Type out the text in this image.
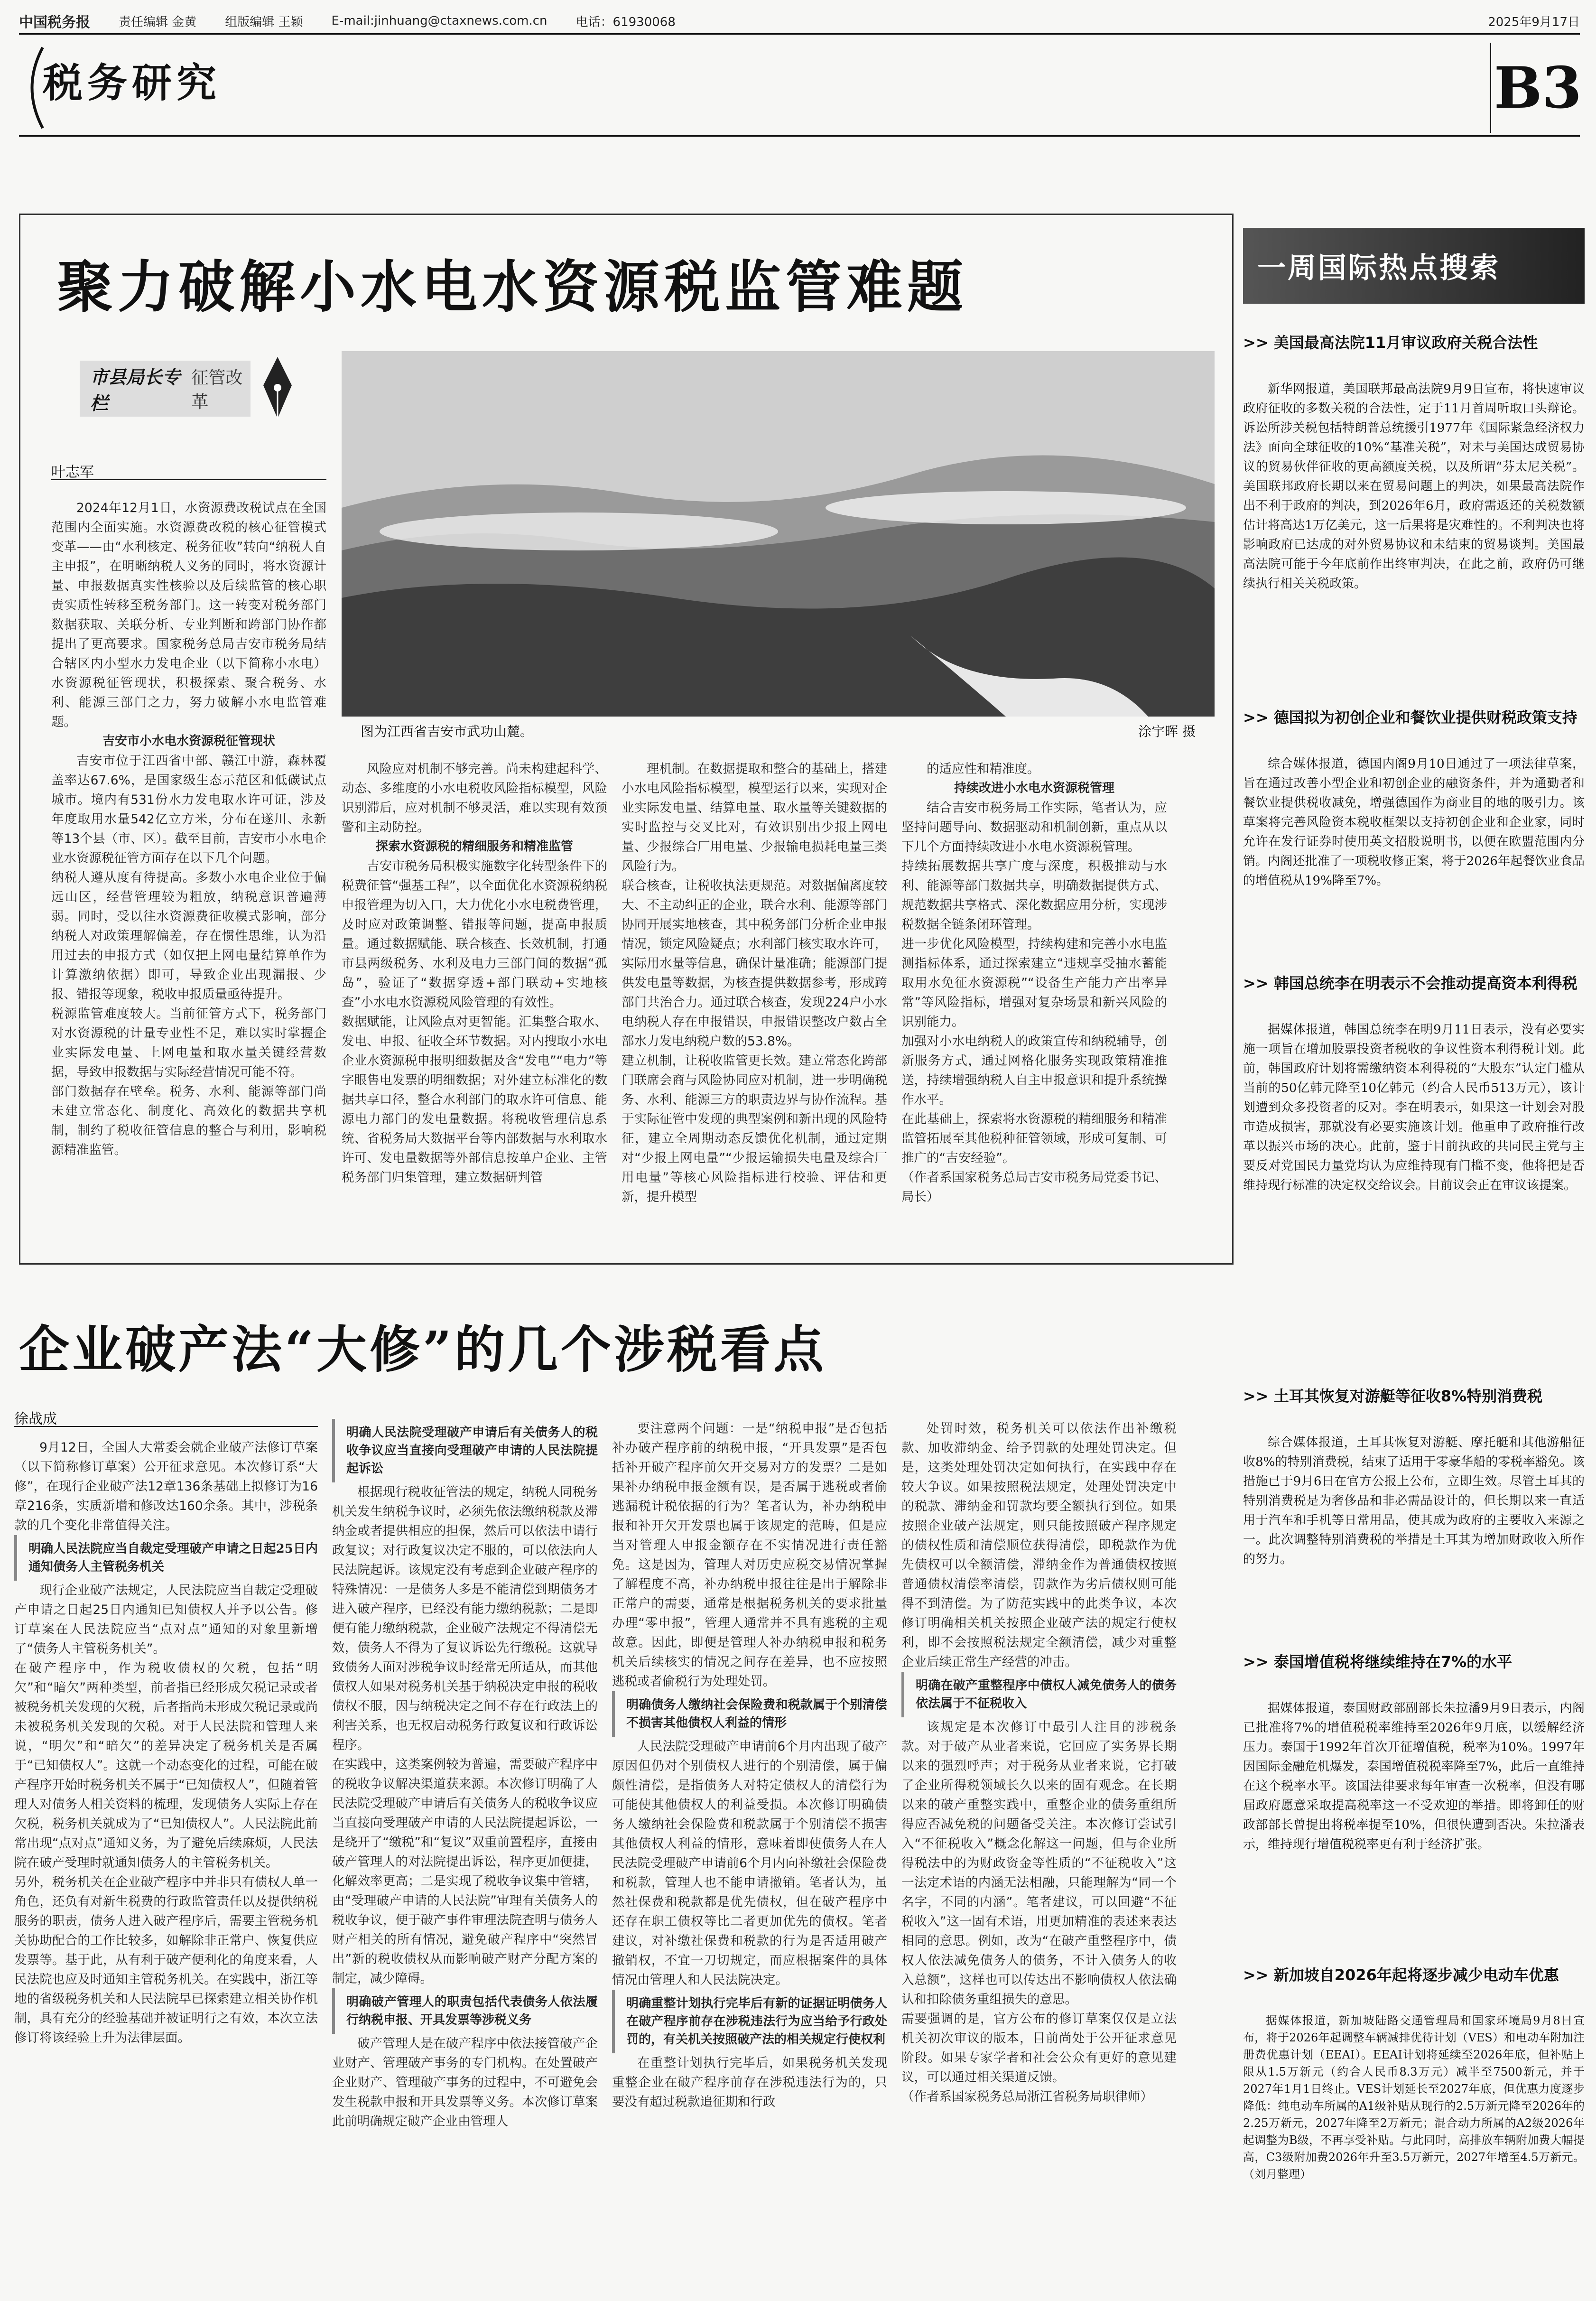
中国税务报 责任编辑 金黄 组版编辑 王颖 E-mail:jinhuang@ctaxnews.com.cn 电话：61930068	2025年9月17日
税务研究	B3
聚力破解小水电水资源税监管难题
市县局长专栏
征管改革
叶志军
图为江西省吉安市武功山麓。	涂宇晖 摄

2024年12月1日，水资源费改税试点在全国范围内全面实施。水资源费改税的核心征管模式变革——由“水利核定、税务征收”转向“纳税人自主申报”，在明晰纳税人义务的同时，将水资源计量、申报数据真实性核验以及后续监管的核心职责实质性转移至税务部门。这一转变对税务部门数据获取、关联分析、专业判断和跨部门协作都提出了更高要求。国家税务总局吉安市税务局结合辖区内小型水力发电企业（以下简称小水电）水资源税征管现状，积极探索、聚合税务、水利、能源三部门之力，努力破解小水电监管难题。

吉安市小水电水资源税征管现状

吉安市位于江西省中部、赣江中游，森林覆盖率达67.6%，是国家级生态示范区和低碳试点城市。境内有531份水力发电取水许可证，涉及年度取用水量542亿立方米，分布在遂川、永新等13个县（市、区）。截至目前，吉安市小水电企业水资源税征管方面存在以下几个问题。
纳税人遵从度有待提高。多数小水电企业位于偏远山区，经营管理较为粗放，纳税意识普遍薄弱。同时，受以往水资源费征收模式影响，部分纳税人对政策理解偏差，存在惯性思维，认为沿用过去的申报方式（如仅把上网电量结算单作为计算激纳依据）即可，导致企业出现漏报、少报、错报等现象，税收申报质量亟待提升。
税源监管难度较大。当前征管方式下，税务部门对水资源税的计量专业性不足，难以实时掌握企业实际发电量、上网电量和取水量关键经营数据，导致申报数据与实际经营情况可能不符。
部门数据存在壁垒。税务、水利、能源等部门尚未建立常态化、制度化、高效化的数据共享机制，制约了税收征管信息的整合与利用，影响税源精准监管。

风险应对机制不够完善。尚未构建起科学、动态、多维度的小水电税收风险指标模型，风险识别滞后，应对机制不够灵活，难以实现有效预警和主动防控。

探索水资源税的精细服务和精准监管

吉安市税务局积极实施数字化转型条件下的税费征管“强基工程”，以全面优化水资源税纳税申报管理为切入口，大力优化小水电税费管理，及时应对政策调整、错报等问题，提高申报质量。通过数据赋能、联合核查、长效机制，打通市县两级税务、水利及电力三部门间的数据“孤岛”，验证了“数据穿透+部门联动+实地核查”小水电水资源税风险管理的有效性。
数据赋能，让风险点对更智能。汇集整合取水、发电、申报、征收全环节数据。对内搜取小水电企业水资源税申报明细数据及含“发电”“电力”等字眼售电发票的明细数据；对外建立标准化的数据共享口径，整合水利部门的取水许可信息、能源电力部门的发电量数据。将税收管理信息系统、省税务局大数据平台等内部数据与水利取水许可、发电量数据等外部信息按单户企业、主管税务部门归集管理，建立数据研判管

理机制。在数据提取和整合的基础上，搭建小水电风险指标模型，模型运行以来，实现对企业实际发电量、结算电量、取水量等关键数据的实时监控与交叉比对，有效识别出少报上网电量、少报综合厂用电量、少报输电损耗电量三类风险行为。
联合核查，让税收执法更规范。对数据偏离度较大、不主动纠正的企业，联合水利、能源等部门协同开展实地核查，其中税务部门分析企业申报情况，锁定风险疑点；水利部门核实取水许可，实际用水量等信息，确保计量准确；能源部门提供发电量等数据，为核查提供数据参考，形成跨部门共治合力。通过联合核查，发现224户小水电纳税人存在申报错误，申报错误整改户数占全部水力发电纳税户数的53.8%。
建立机制，让税收监管更长效。建立常态化跨部门联席会商与风险协同应对机制，进一步明确税务、水利、能源三方的职责边界与协作流程。基于实际征管中发现的典型案例和新出现的风险特征，建立全周期动态反馈优化机制，通过定期对“少报上网电量”“少报运输损失电量及综合厂用电量”等核心风险指标进行校验、评估和更新，提升模型

的适应性和精准度。

持续改进小水电水资源税管理

结合吉安市税务局工作实际，笔者认为，应坚持问题导向、数据驱动和机制创新，重点从以下几个方面持续改进小水电水资源税管理。
持续拓展数据共享广度与深度，积极推动与水利、能源等部门数据共享，明确数据提供方式、规范数据共享格式、深化数据应用分析，实现涉税数据全链条闭环管理。
进一步优化风险模型，持续构建和完善小水电监测指标体系，通过探索建立“违规享受抽水蓄能取用水免征水资源税”“设备生产能力产出率异常”等风险指标，增强对复杂场景和新兴风险的识别能力。
加强对小水电纳税人的政策宣传和纳税辅导，创新服务方式，通过网格化服务实现政策精准推送，持续增强纳税人自主申报意识和提升系统操作水平。
在此基础上，探索将水资源税的精细服务和精准监管拓展至其他税种征管领域，形成可复制、可推广的“吉安经验”。
（作者系国家税务总局吉安市税务局党委书记、局长）

企业破产法“大修”的几个涉税看点
徐战成

9月12日，全国人大常委会就企业破产法修订草案（以下简称修订草案）公开征求意见。本次修订系“大修”，在现行企业破产法12章136条基础上拟修订为16章216条，实质新增和修改达160余条。其中，涉税条款的几个变化非常值得关注。

明确人民法院应当自裁定受理破产申请之日起25日内通知债务人主管税务机关

现行企业破产法规定，人民法院应当自裁定受理破产申请之日起25日内通知已知债权人并予以公告。修订草案在人民法院应当“点对点”通知的对象里新增了“债务人主管税务机关”。
在破产程序中，作为税收债权的欠税，包括“明欠”和“暗欠”两种类型，前者指已经形成欠税记录或者被税务机关发现的欠税，后者指尚未形成欠税记录或尚未被税务机关发现的欠税。对于人民法院和管理人来说，“明欠”和“暗欠”的差异决定了税务机关是否属于“已知债权人”。这就一个动态变化的过程，可能在破产程序开始时税务机关不属于“已知债权人”，但随着管理人对债务人相关资料的梳理，发现债务人实际上存在欠税，税务机关就成为了“已知债权人”。人民法院此前常出现“点对点”通知义务，为了避免后续麻烦，人民法院在破产受理时就通知债务人的主管税务机关。
另外，税务机关在企业破产程序中并非只有债权人单一角色，还负有对新生税费的行政监管责任以及提供纳税服务的职责，债务人进入破产程序后，需要主管税务机关协助配合的工作比较多，如解除非正常户、恢复供应发票等。基于此，从有利于破产便利化的角度来看，人民法院也应及时通知主管税务机关。在实践中，浙江等地的省级税务机关和人民法院早已探索建立相关协作机制，具有充分的经验基础并被证明行之有效，本次立法修订将该经验上升为法律层面。

明确人民法院受理破产申请后有关债务人的税收争议应当直接向受理破产申请的人民法院提起诉讼

根据现行税收征管法的规定，纳税人同税务机关发生纳税争议时，必须先依法缴纳税款及滞纳金或者提供相应的担保，然后可以依法申请行政复议；对行政复议决定不服的，可以依法向人民法院起诉。该规定没有考虑到企业破产程序的特殊情况：一是债务人多是不能清偿到期债务才进入破产程序，已经没有能力缴纳税款；二是即便有能力缴纳税款，企业破产法规定不得清偿无效，债务人不得为了复议诉讼先行缴税。这就导致债务人面对涉税争议时经常无所适从，而其他债权人如果对税务机关基于纳税决定申报的税收债权不服，因与纳税决定之间不存在行政法上的利害关系，也无权启动税务行政复议和行政诉讼程序。
在实践中，这类案例较为普遍，需要破产程序中的税收争议解决渠道获来源。本次修订明确了人民法院受理破产申请后有关债务人的税收争议应当直接向受理破产申请的人民法院提起诉讼，一是绕开了“缴税”和“复议”双重前置程序，直接由破产管理人的对法院提出诉讼，程序更加便捷，化解效率更高；二是实现了税收争议集中管辖，由“受理破产申请的人民法院”审理有关债务人的税收争议，便于破产事件审理法院查明与债务人财产相关的所有情况，避免破产程序中“突然冒出”新的税收债权从而影响破产财产分配方案的制定，减少障碍。

明确破产管理人的职责包括代表债务人依法履行纳税申报、开具发票等涉税义务

破产管理人是在破产程序中依法接管破产企业财产、管理破产事务的专门机构。在处置破产企业财产、管理破产事务的过程中，不可避免会发生税款申报和开具发票等义务。本次修订草案此前明确规定破产企业由管理人

要注意两个问题：一是“纳税申报”是否包括补办破产程序前的纳税申报，“开具发票”是否包括补开破产程序前欠开交易对方的发票？二是如果补办纳税申报金额有误，是否属于逃税或者偷逃漏税计税依据的行为？笔者认为，补办纳税申报和补开欠开发票也属于该规定的范畴，但是应当对管理人申报金额存在不实情况进行责任豁免。这是因为，管理人对历史应税交易情况掌握了解程度不高，补办纳税申报往往是出于解除非正常户的需要，通常是根据税务机关的要求批量办理“零申报”，管理人通常并不具有逃税的主观故意。因此，即便是管理人补办纳税申报和税务机关后续核实的情况之间存在差异，也不应按照逃税或者偷税行为处理处罚。

明确债务人缴纳社会保险费和税款属于个别清偿不损害其他债权人利益的情形

人民法院受理破产申请前6个月内出现了破产原因但仍对个别债权人进行的个别清偿，属于偏颇性清偿，是指债务人对特定债权人的清偿行为可能使其他债权人的利益受损。本次修订明确债务人缴纳社会保险费和税款属于个别清偿不损害其他债权人利益的情形，意味着即使债务人在人民法院受理破产申请前6个月内向补缴社会保险费和税款，管理人也不能申请撤销。笔者认为，虽然社保费和税款都是优先债权，但在破产程序中还存在职工债权等比二者更加优先的债权。笔者建议，对补缴社保费和税款的行为是否适用破产撤销权，不宜一刀切规定，而应根据案件的具体情况由管理人和人民法院决定。

明确重整计划执行完毕后有新的证据证明债务人在破产程序前存在涉税违法行为应当给予行政处罚的，有关机关按照破产法的相关规定行使权利

在重整计划执行完毕后，如果税务机关发现重整企业在破产程序前存在涉税违法行为的，只要没有超过税款追征期和行政

处罚时效，税务机关可以依法作出补缴税款、加收滞纳金、给予罚款的处理处罚决定。但是，这类处理处罚决定如何执行，在实践中存在较大争议。如果按照税法规定，处理处罚决定中的税款、滞纳金和罚款均要全额执行到位。如果按照企业破产法规定，则只能按照破产程序规定的债权性质和清偿顺位获得清偿，即税款作为优先债权可以全额清偿，滞纳金作为普通债权按照普通债权清偿率清偿，罚款作为劣后债权则可能得不到清偿。为了防范实践中的此类争议，本次修订明确相关机关按照企业破产法的规定行使权利，即不会按照税法规定全额清偿，减少对重整企业后续正常生产经营的冲击。

明确在破产重整程序中债权人减免债务人的债务依法属于不征税收入

该规定是本次修订中最引人注目的涉税条款。对于破产从业者来说，它回应了实务界长期以来的强烈呼声；对于税务从业者来说，它打破了企业所得税领域长久以来的固有观念。在长期以来的破产重整实践中，重整企业的债务重组所得应否减免税的问题备受关注。本次修订尝试引入“不征税收入”概念化解这一问题，但与企业所得税法中的为财政资金等性质的“不征税收入”这一法定术语的内涵无法相融，只能理解为“同一个名字，不同的内涵”。笔者建议，可以回避“不征税收入”这一固有术语，用更加精准的表述来表达相同的意思。例如，改为“在破产重整程序中，债权人依法减免债务人的债务，不计入债务人的收入总额”，这样也可以传达出不影响债权人依法确认和扣除债务重组损失的意思。
需要强调的是，官方公布的修订草案仅仅是立法机关初次审议的版本，目前尚处于公开征求意见阶段。如果专家学者和社会公众有更好的意见建议，可以通过相关渠道反馈。
（作者系国家税务总局浙江省税务局职律师）

一周国际热点搜索
>> 美国最高法院11月审议政府关税合法性
新华网报道，美国联邦最高法院9月9日宣布，将快速审议政府征收的多数关税的合法性，定于11月首周听取口头辩论。诉讼所涉关税包括特朗普总统援引1977年《国际紧急经济权力法》面向全球征收的10%“基准关税”，对未与美国达成贸易协议的贸易伙伴征收的更高额度关税，以及所谓“芬太尼关税”。美国联邦政府长期以来在贸易问题上的判决，如果最高法院作出不利于政府的判决，到2026年6月，政府需返还的关税数额估计将高达1万亿美元，这一后果将是灾难性的。不利判决也将影响政府已达成的对外贸易协议和未结束的贸易谈判。美国最高法院可能于今年底前作出终审判决，在此之前，政府仍可继续执行相关关税政策。
>> 德国拟为初创企业和餐饮业提供财税政策支持
综合媒体报道，德国内阁9月10日通过了一项法律草案，旨在通过改善小型企业和初创企业的融资条件，并为通勤者和餐饮业提供税收减免，增强德国作为商业目的地的吸引力。该草案将完善风险资本税收框架以支持初创企业和企业家，同时允许在发行证券时使用英文招股说明书，以便在欧盟范围内分销。内阁还批准了一项税收修正案，将于2026年起餐饮业食品的增值税从19%降至7%。
>> 韩国总统李在明表示不会推动提高资本利得税
据媒体报道，韩国总统李在明9月11日表示，没有必要实施一项旨在增加股票投资者税收的争议性资本利得税计划。此前，韩国政府计划将需缴纳资本利得税的“大股东”认定门槛从当前的50亿韩元降至10亿韩元（约合人民币513万元），该计划遭到众多投资者的反对。李在明表示，如果这一计划会对股市造成损害，那就没有必要实施该计划。他重申了政府推行改革以振兴市场的决心。此前，鉴于目前执政的共同民主党与主要反对党国民力量党均认为应维持现有门槛不变，他将把是否维持现行标准的决定权交给议会。目前议会正在审议该提案。
>> 土耳其恢复对游艇等征收8%特别消费税
综合媒体报道，土耳其恢复对游艇、摩托艇和其他游船征收8%的特别消费税，结束了适用于零豪华船的零税率豁免。该措施已于9月6日在官方公报上公布，立即生效。尽管土耳其的特别消费税是为奢侈品和非必需品设计的，但长期以来一直适用于汽车和手机等日常用品，使其成为政府的主要收入来源之一。此次调整特别消费税的举措是土耳其为增加财政收入所作的努力。
>> 泰国增值税将继续维持在7%的水平
据媒体报道，泰国财政部副部长朱拉潘9月9日表示，内阁已批准将7%的增值税税率维持至2026年9月底，以缓解经济压力。泰国于1992年首次开征增值税，税率为10%。1997年因国际金融危机爆发，泰国增值税税率降至7%，此后一直维持在这个税率水平。该国法律要求每年审查一次税率，但没有哪届政府愿意采取提高税率这一不受欢迎的举措。即将卸任的财政部部长曾提出将税率提至10%，但很快遭到否决。朱拉潘表示，维持现行增值税税率更有利于经济扩张。
>> 新加坡自2026年起将逐步减少电动车优惠
据媒体报道，新加坡陆路交通管理局和国家环境局9月8日宣布，将于2026年起调整车辆减排优待计划（VES）和电动车附加注册费优惠计划（EEAI）。EEAI计划将延续至2026年底，但补贴上限从1.5万新元（约合人民币8.3万元）减半至7500新元，并于2027年1月1日终止。VES计划延长至2027年底，但优惠力度逐步降低：纯电动车所属的A1级补贴从现行的2.5万新元降至2026年的2.25万新元，2027年降至2万新元；混合动力所属的A2级2026年起调整为B级，不再享受补贴。与此同时，高排放车辆附加费大幅提高，C3级附加费2026年升至3.5万新元，2027年增至4.5万新元。（刘月整理）
